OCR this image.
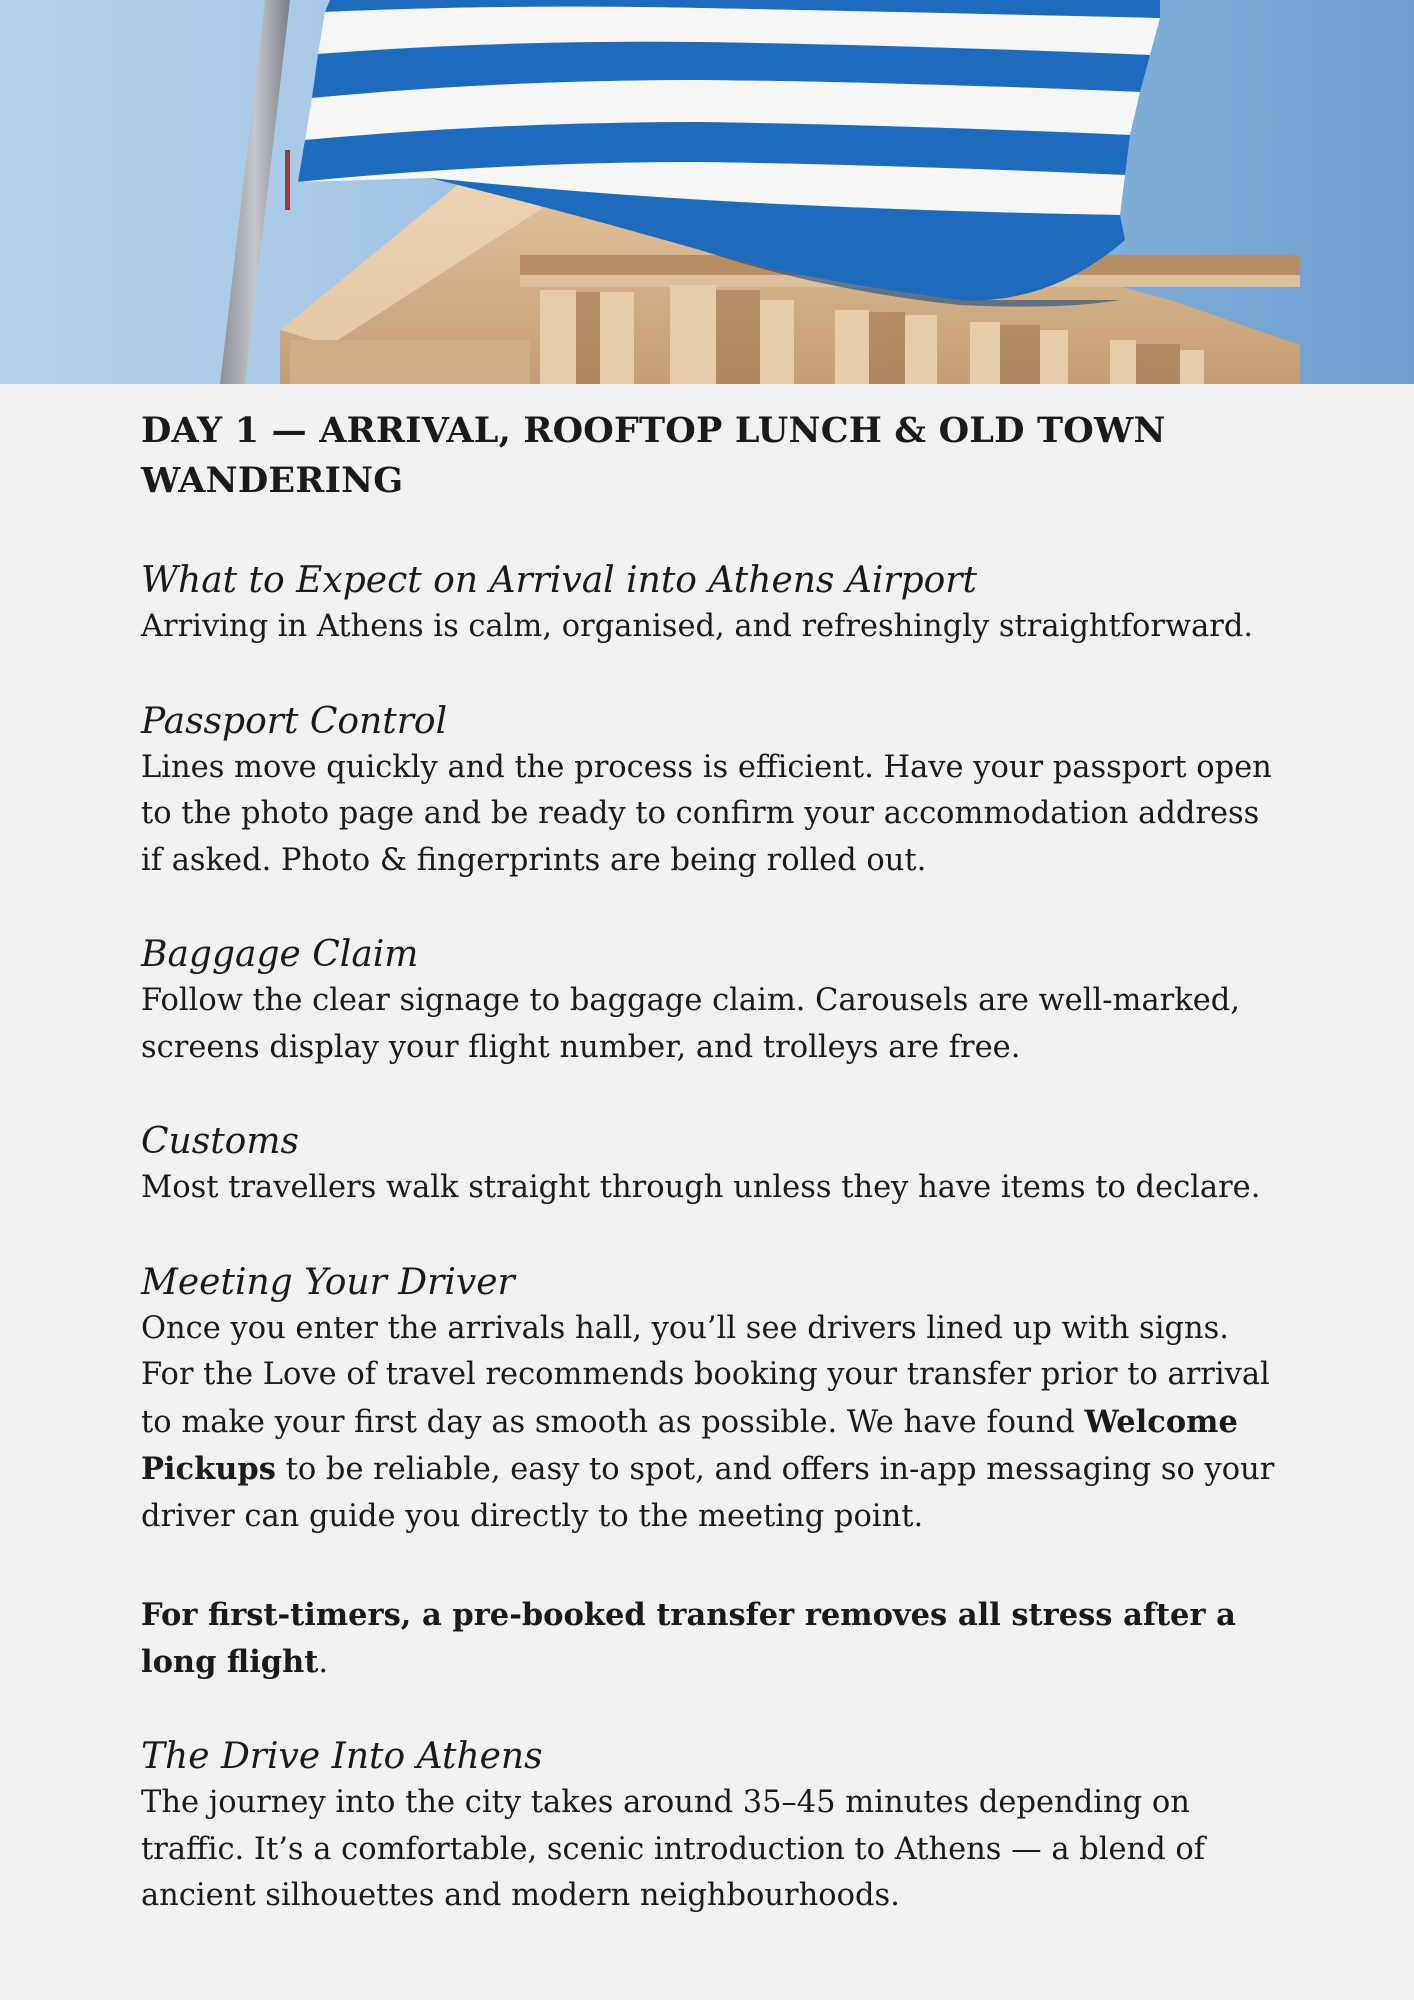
DAY 1 — ARRIVAL, ROOFTOP LUNCH & OLD TOWN WANDERING
What to Expect on Arrival into Athens Airport

Arriving in Athens is calm, organised, and refreshingly straightforward.

Passport Control

Lines move quickly and the process is efficient. Have your passport open to the photo page and be ready to confirm your accommodation address if asked. Photo & fingerprints are being rolled out.

Baggage Claim

Follow the clear signage to baggage claim. Carousels are well-marked, screens display your flight number, and trolleys are free.

Customs

Most travellers walk straight through unless they have items to declare.

Meeting Your Driver

Once you enter the arrivals hall, you’ll see drivers lined up with signs. For the Love of travel recommends booking your transfer prior to arrival to make your first day as smooth as possible. We have found Welcome Pickups to be reliable, easy to spot, and offers in-app messaging so your driver can guide you directly to the meeting point.

For first-timers, a pre-booked transfer removes all stress after a long flight.

The Drive Into Athens

The journey into the city takes around 35–45 minutes depending on traffic. It’s a comfortable, scenic introduction to Athens — a blend of ancient silhouettes and modern neighbourhoods.
